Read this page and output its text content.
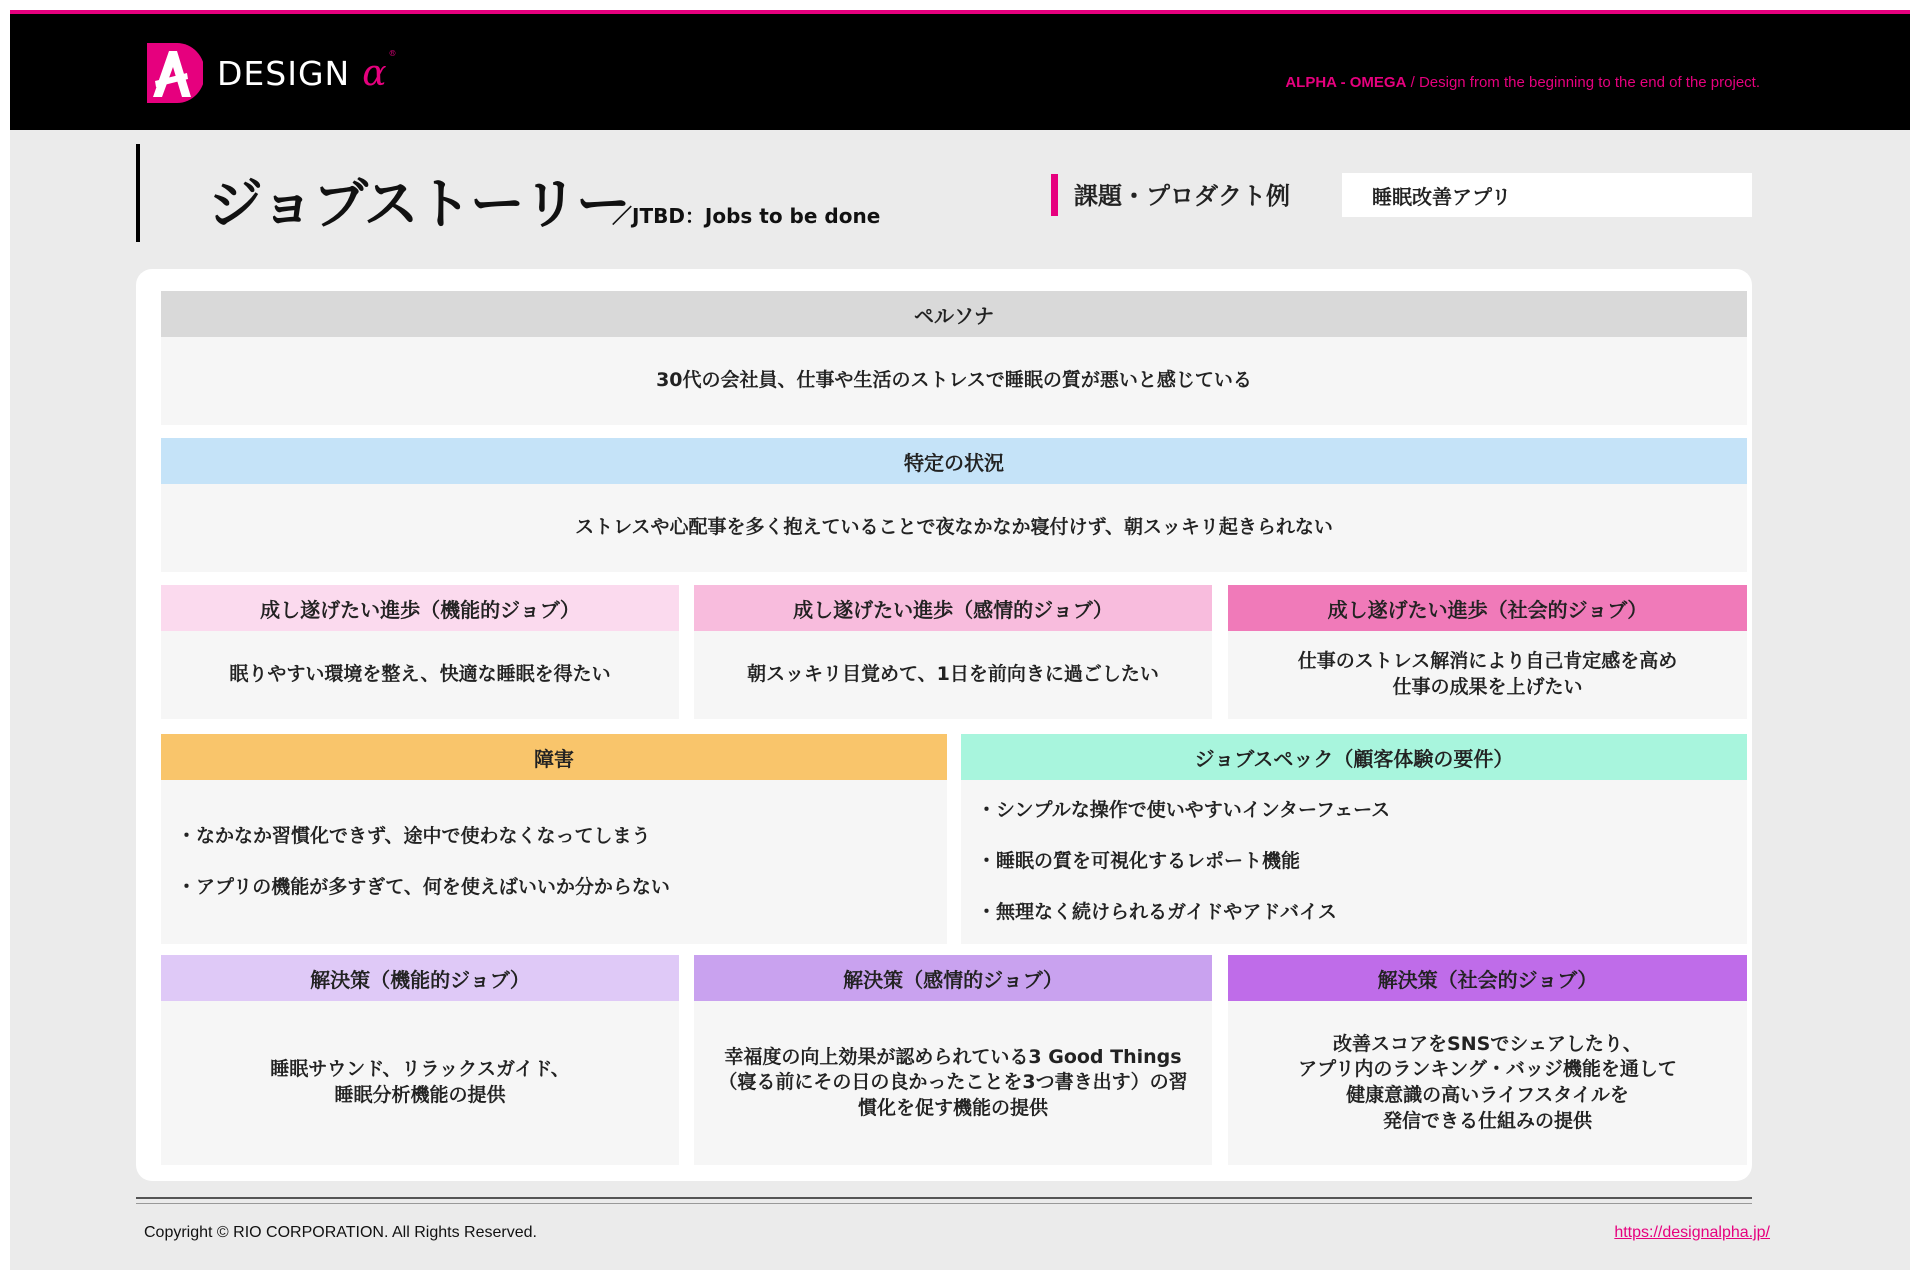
DESIGN α ®
ALPHA - OMEGA / Design from the beginning to the end of the project.
ジョブストーリー
／JTBD：Jobs to be done
課題・プロダクト例	睡眠改善アプリ
ペルソナ
30代の会社員、仕事や生活のストレスで睡眠の質が悪いと感じている
特定の状況
ストレスや心配事を多く抱えていることで夜なかなか寝付けず、朝スッキリ起きられない
成し遂げたい進歩（機能的ジョブ）
眠りやすい環境を整え、快適な睡眠を得たい
成し遂げたい進歩（感情的ジョブ）
朝スッキリ目覚めて、1日を前向きに過ごしたい
成し遂げたい進歩（社会的ジョブ）
仕事のストレス解消により自己肯定感を高め
仕事の成果を上げたい
障害

・なかなか習慣化できず、途中で使わなくなってしまう

・アプリの機能が多すぎて、何を使えばいいか分からない

ジョブスペック（顧客体験の要件）

・シンプルな操作で使いやすいインターフェース

・睡眠の質を可視化するレポート機能

・無理なく続けられるガイドやアドバイス

解決策（機能的ジョブ）
睡眠サウンド、リラックスガイド、
睡眠分析機能の提供
解決策（感情的ジョブ）
幸福度の向上効果が認められている3 Good Things
（寝る前にその日の良かったことを3つ書き出す）の習
慣化を促す機能の提供
解決策（社会的ジョブ）
改善スコアをSNSでシェアしたり、
アプリ内のランキング・バッジ機能を通して
健康意識の高いライフスタイルを
発信できる仕組みの提供
Copyright © RIO CORPORATION. All Rights Reserved.	https://designalpha.jp/
